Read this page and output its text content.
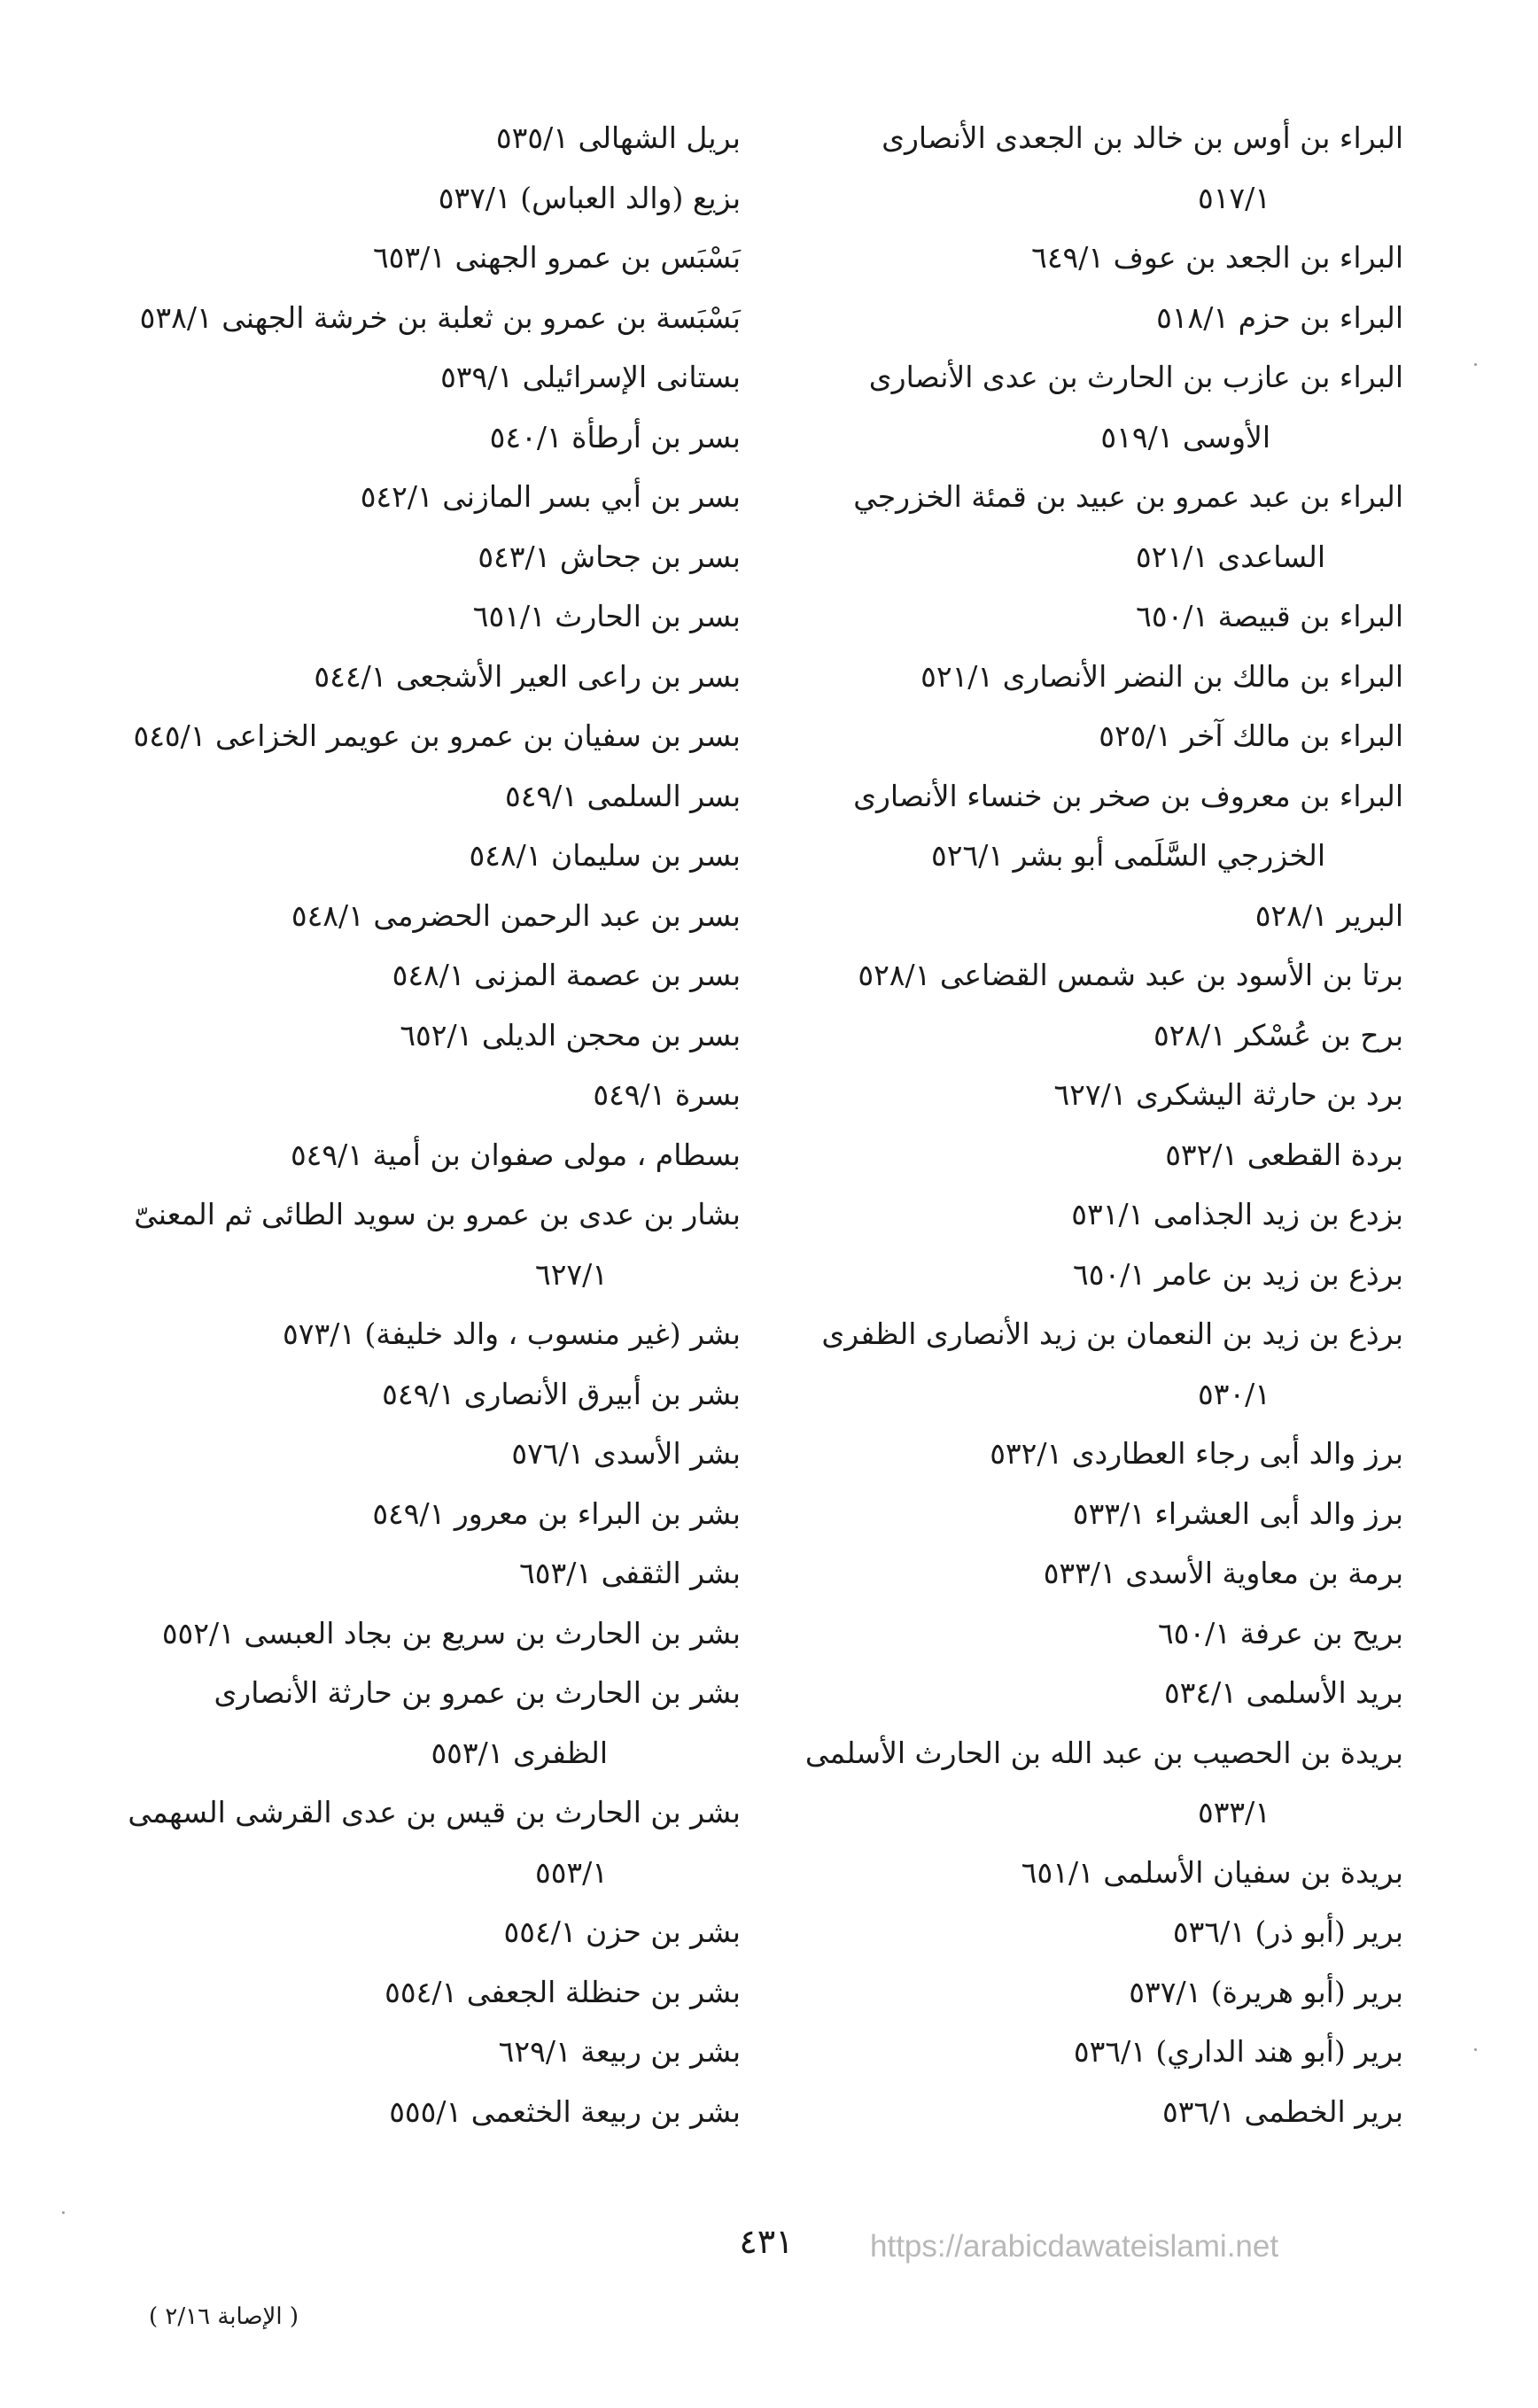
البراء بن أوس بن خالد بن الجعدى الأنصارى
٥١٧/١
البراء بن الجعد بن عوف ٦٤٩/١
البراء بن حزم ٥١٨/١
البراء بن عازب بن الحارث بن عدى الأنصارى
الأوسى ٥١٩/١
البراء بن عبد عمرو بن عبيد بن قمئة الخزرجي
الساعدى ٥٢١/١
البراء بن قبيصة ٦٥٠/١
البراء بن مالك بن النضر الأنصارى ٥٢١/١
البراء بن مالك آخر ٥٢٥/١
البراء بن معروف بن صخر بن خنساء الأنصارى
الخزرجي السَّلَمى أبو بشر ٥٢٦/١
البرير ٥٢٨/١
برتا بن الأسود بن عبد شمس القضاعى ٥٢٨/١
برح بن عُسْكر ٥٢٨/١
برد بن حارثة اليشكرى ٦٢٧/١
بردة القطعى ٥٣٢/١
بزدع بن زيد الجذامى ٥٣١/١
برذع بن زيد بن عامر ٦٥٠/١
برذع بن زيد بن النعمان بن زيد الأنصارى الظفرى
٥٣٠/١
برز والد أبى رجاء العطاردى ٥٣٢/١
برز والد أبى العشراء ٥٣٣/١
برمة بن معاوية الأسدى ٥٣٣/١
بريح بن عرفة ٦٥٠/١
بريد الأسلمى ٥٣٤/١
بريدة بن الحصيب بن عبد الله بن الحارث الأسلمى
٥٣٣/١
بريدة بن سفيان الأسلمى ٦٥١/١
برير (أبو ذر) ٥٣٦/١
برير (أبو هريرة) ٥٣٧/١
برير (أبو هند الداري) ٥٣٦/١
برير الخطمى ٥٣٦/١
بريل الشهالى ٥٣٥/١
بزيع (والد العباس) ٥٣٧/١
بَسْبَس بن عمرو الجهنى ٦٥٣/١
بَسْبَسة بن عمرو بن ثعلبة بن خرشة الجهنى ٥٣٨/١
بستانى الإسرائيلى ٥٣٩/١
بسر بن أرطأة ٥٤٠/١
بسر بن أبي بسر المازنى ٥٤٢/١
بسر بن جحاش ٥٤٣/١
بسر بن الحارث ٦٥١/١
بسر بن راعى العير الأشجعى ٥٤٤/١
بسر بن سفيان بن عمرو بن عويمر الخزاعى ٥٤٥/١
بسر السلمى ٥٤٩/١
بسر بن سليمان ٥٤٨/١
بسر بن عبد الرحمن الحضرمى ٥٤٨/١
بسر بن عصمة المزنى ٥٤٨/١
بسر بن محجن الديلى ٦٥٢/١
بسرة ٥٤٩/١
بسطام ، مولى صفوان بن أمية ٥٤٩/١
بشار بن عدى بن عمرو بن سويد الطائى ثم المعنىّ
٦٢٧/١
بشر (غير منسوب ، والد خليفة) ٥٧٣/١
بشر بن أبيرق الأنصارى ٥٤٩/١
بشر الأسدى ٥٧٦/١
بشر بن البراء بن معرور ٥٤٩/١
بشر الثقفى ٦٥٣/١
بشر بن الحارث بن سريع بن بجاد العبسى ٥٥٢/١
بشر بن الحارث بن عمرو بن حارثة الأنصارى
الظفرى ٥٥٣/١
بشر بن الحارث بن قيس بن عدى القرشى السهمى
٥٥٣/١
بشر بن حزن ٥٥٤/١
بشر بن حنظلة الجعفى ٥٥٤/١
بشر بن ربيعة ٦٢٩/١
بشر بن ربيعة الخثعمى ٥٥٥/١
٤٣١	https://arabicdawateislami.net
( الإصابة ٢/١٦ )
